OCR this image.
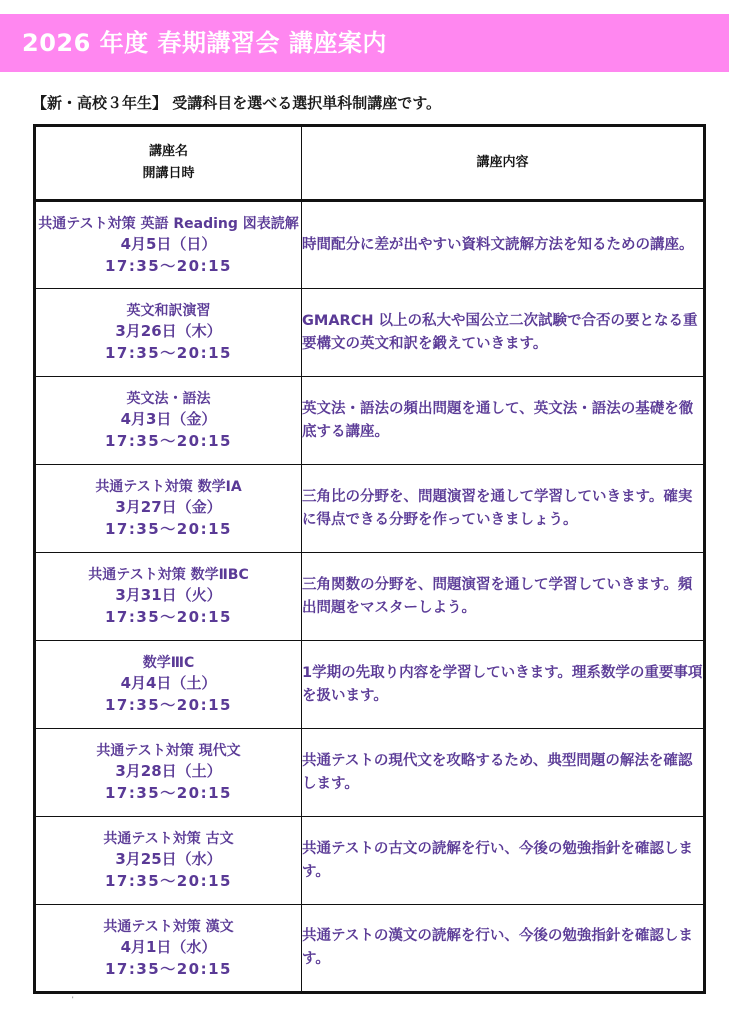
2026 年度 春期講習会 講座案内
【新・高校３年生】 受講科目を選べる選択単科制講座です。
講座名
開講日時	講座内容

共通テスト対策 英語 Reading 図表読解
4月5日（日）
17:35～20:15	時間配分に差が出やすい資料文読解方法を知るための講座。

英文和訳演習
3月26日（木）
17:35～20:15	GMARCH 以上の私大や国公立二次試験で合否の要となる重要構文の英文和訳を鍛えていきます。

英文法・語法
4月3日（金）
17:35～20:15	英文法・語法の頻出問題を通して、英文法・語法の基礎を徹底する講座。

共通テスト対策 数学ⅠA
3月27日（金）
17:35～20:15	三角比の分野を、問題演習を通して学習していきます。確実に得点できる分野を作っていきましょう。

共通テスト対策 数学ⅡBC
3月31日（火）
17:35～20:15	三角関数の分野を、問題演習を通して学習していきます。頻出問題をマスターしよう。

数学ⅢC
4月4日（土）
17:35～20:15	1学期の先取り内容を学習していきます。理系数学の重要事項を扱います。

共通テスト対策 現代文
3月28日（土）
17:35～20:15	共通テストの現代文を攻略するため、典型問題の解法を確認します。

共通テスト対策 古文
3月25日（水）
17:35～20:15	共通テストの古文の読解を行い、今後の勉強指針を確認します。

共通テスト対策 漢文
4月1日（水）
17:35～20:15	共通テストの漢文の読解を行い、今後の勉強指針を確認します。
'
